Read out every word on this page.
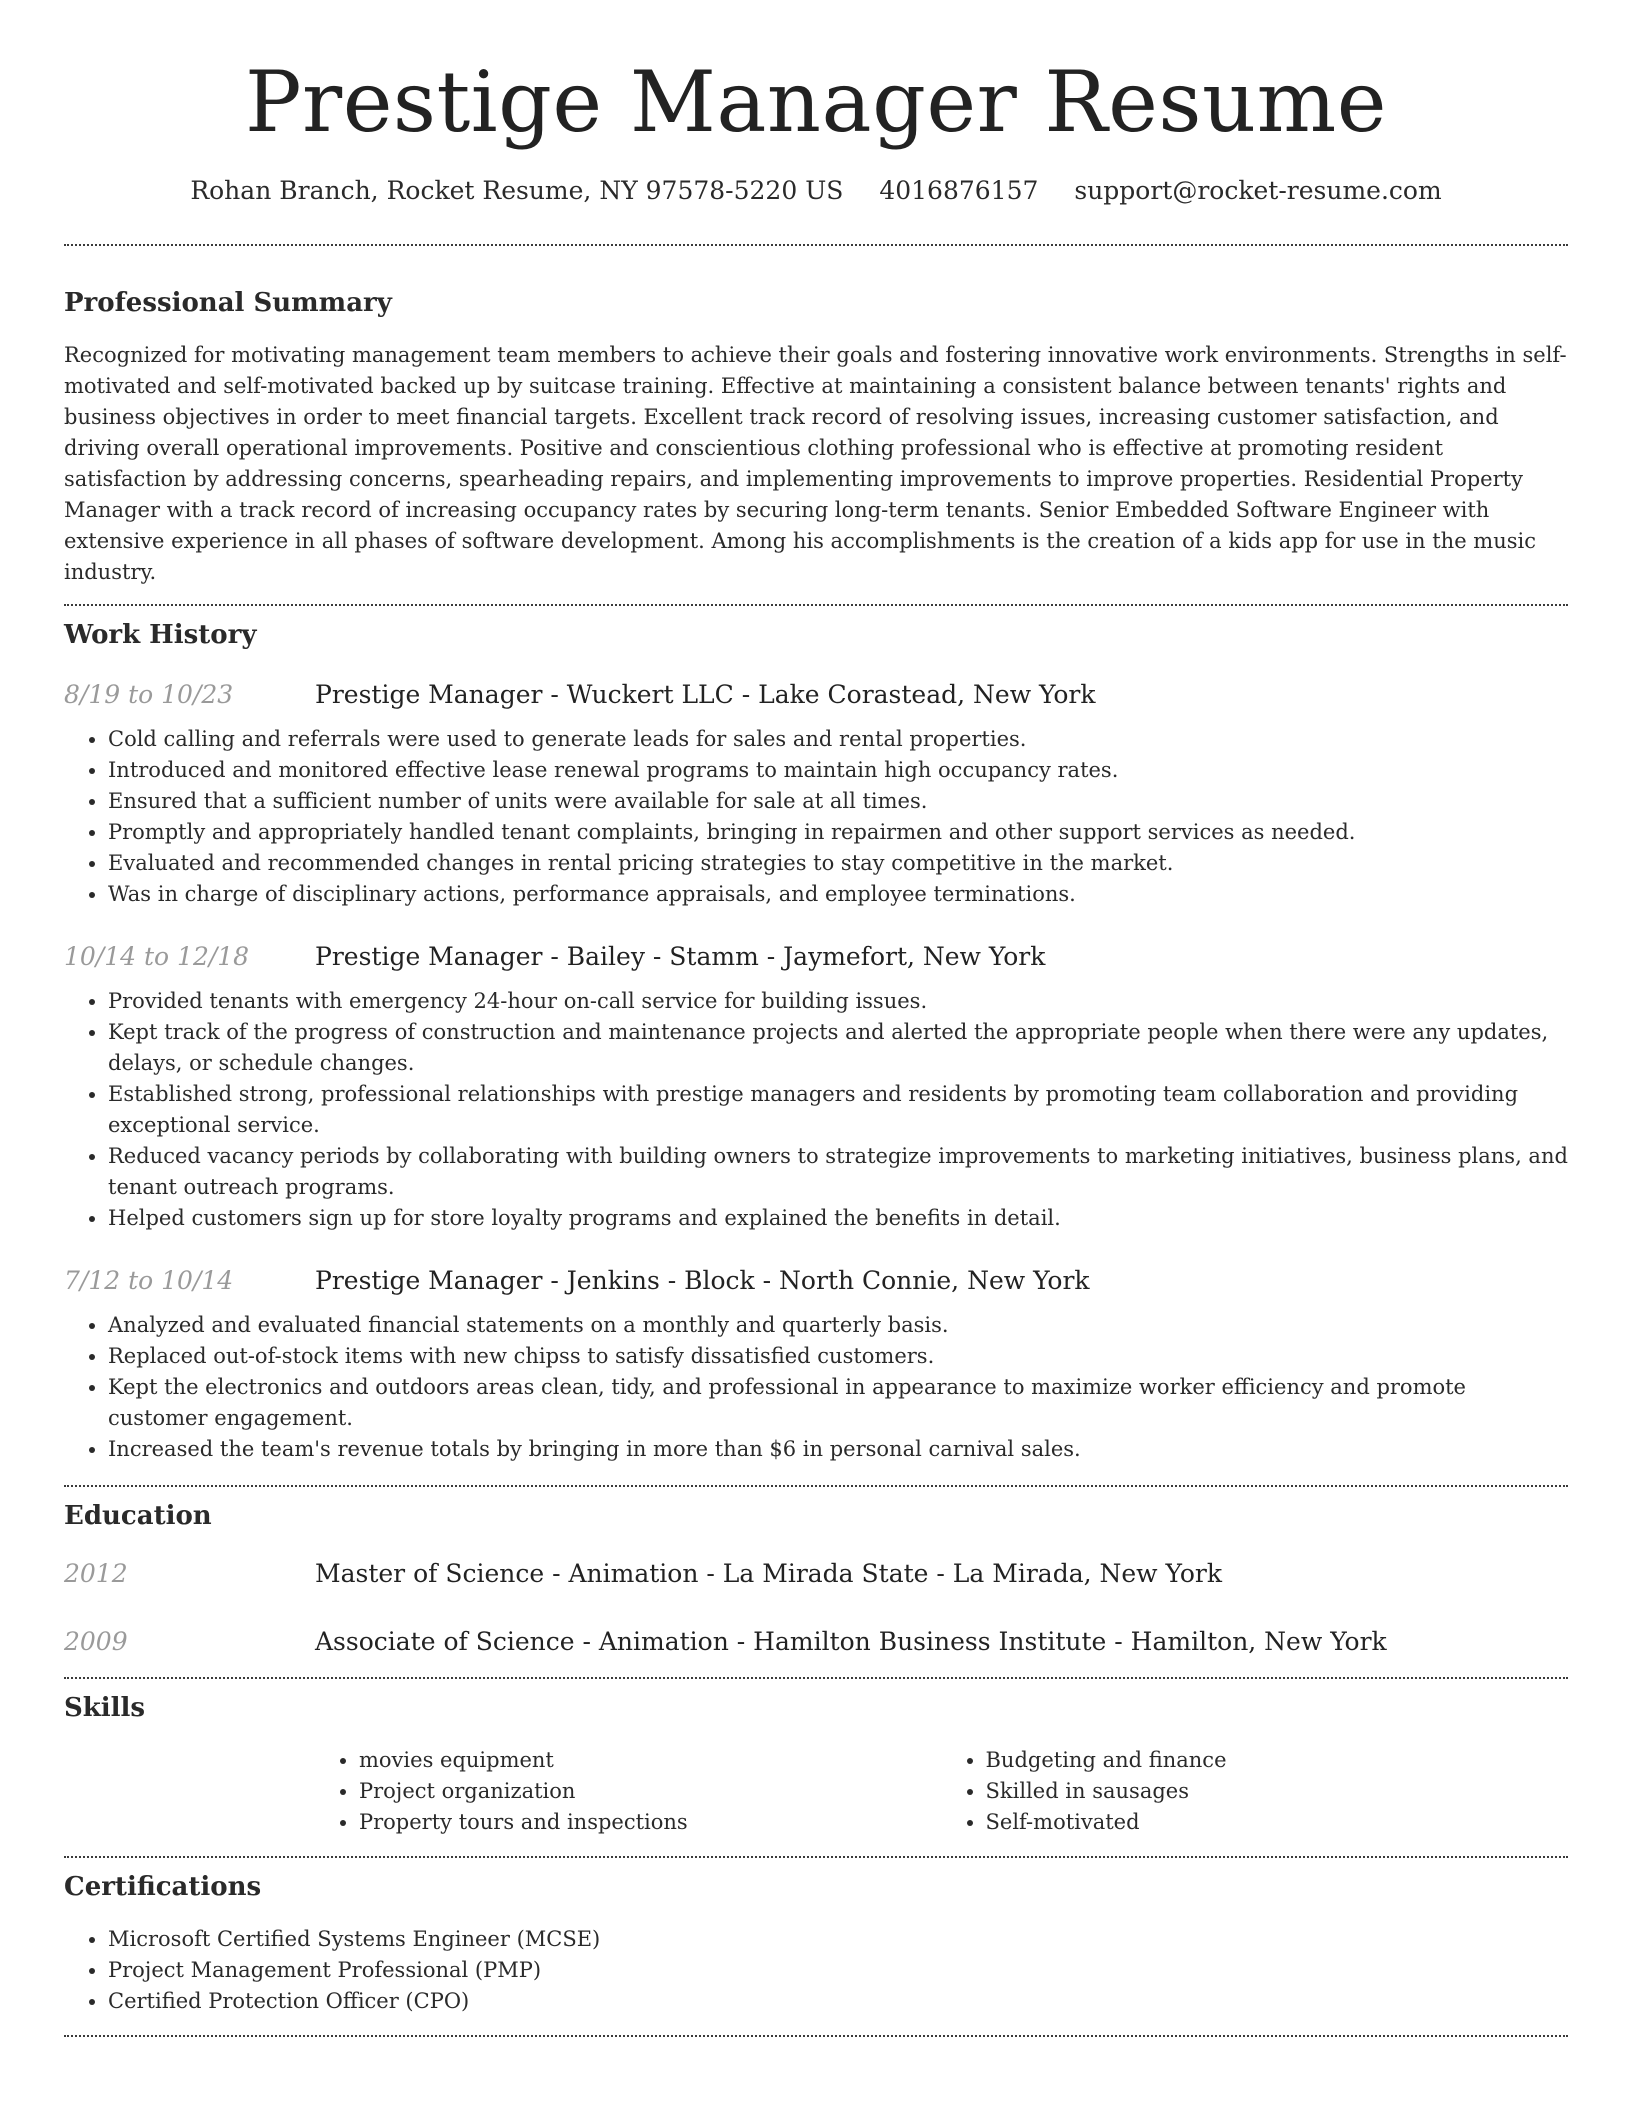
Prestige Manager Resume
Rohan Branch, Rocket Resume, NY 97578-5220 US 4016876157 support@rocket-resume.com
Professional Summary

Recognized for motivating management team members to achieve their goals and fostering innovative work environments. Strengths in self-motivated and self-motivated backed up by suitcase training. Effective at maintaining a consistent balance between tenants' rights and business objectives in order to meet financial targets. Excellent track record of resolving issues, increasing customer satisfaction, and driving overall operational improvements. Positive and conscientious clothing professional who is effective at promoting resident satisfaction by addressing concerns, spearheading repairs, and implementing improvements to improve properties. Residential Property Manager with a track record of increasing occupancy rates by securing long-term tenants. Senior Embedded Software Engineer with extensive experience in all phases of software development. Among his accomplishments is the creation of a kids app for use in the music industry.

Work History
8/19 to 10/23	Prestige Manager - Wuckert LLC - Lake Corastead, New York
• Cold calling and referrals were used to generate leads for sales and rental properties.
• Introduced and monitored effective lease renewal programs to maintain high occupancy rates.
• Ensured that a sufficient number of units were available for sale at all times.
• Promptly and appropriately handled tenant complaints, bringing in repairmen and other support services as needed.
• Evaluated and recommended changes in rental pricing strategies to stay competitive in the market.
• Was in charge of disciplinary actions, performance appraisals, and employee terminations.
10/14 to 12/18	Prestige Manager - Bailey - Stamm - Jaymefort, New York
• Provided tenants with emergency 24-hour on-call service for building issues.
• Kept track of the progress of construction and maintenance projects and alerted the appropriate people when there were any updates, delays, or schedule changes.
• Established strong, professional relationships with prestige managers and residents by promoting team collaboration and providing exceptional service.
• Reduced vacancy periods by collaborating with building owners to strategize improvements to marketing initiatives, business plans, and tenant outreach programs.
• Helped customers sign up for store loyalty programs and explained the benefits in detail.
7/12 to 10/14	Prestige Manager - Jenkins - Block - North Connie, New York
• Analyzed and evaluated financial statements on a monthly and quarterly basis.
• Replaced out-of-stock items with new chipss to satisfy dissatisfied customers.
• Kept the electronics and outdoors areas clean, tidy, and professional in appearance to maximize worker efficiency and promote customer engagement.
• Increased the team's revenue totals by bringing in more than $6 in personal carnival sales.
Education
2012	Master of Science - Animation - La Mirada State - La Mirada, New York
2009	Associate of Science - Animation - Hamilton Business Institute - Hamilton, New York
Skills
• movies equipment
• Project organization
• Property tours and inspections
• Budgeting and finance
• Skilled in sausages
• Self-motivated
Certifications
• Microsoft Certified Systems Engineer (MCSE)
• Project Management Professional (PMP)
• Certified Protection Officer (CPO)
